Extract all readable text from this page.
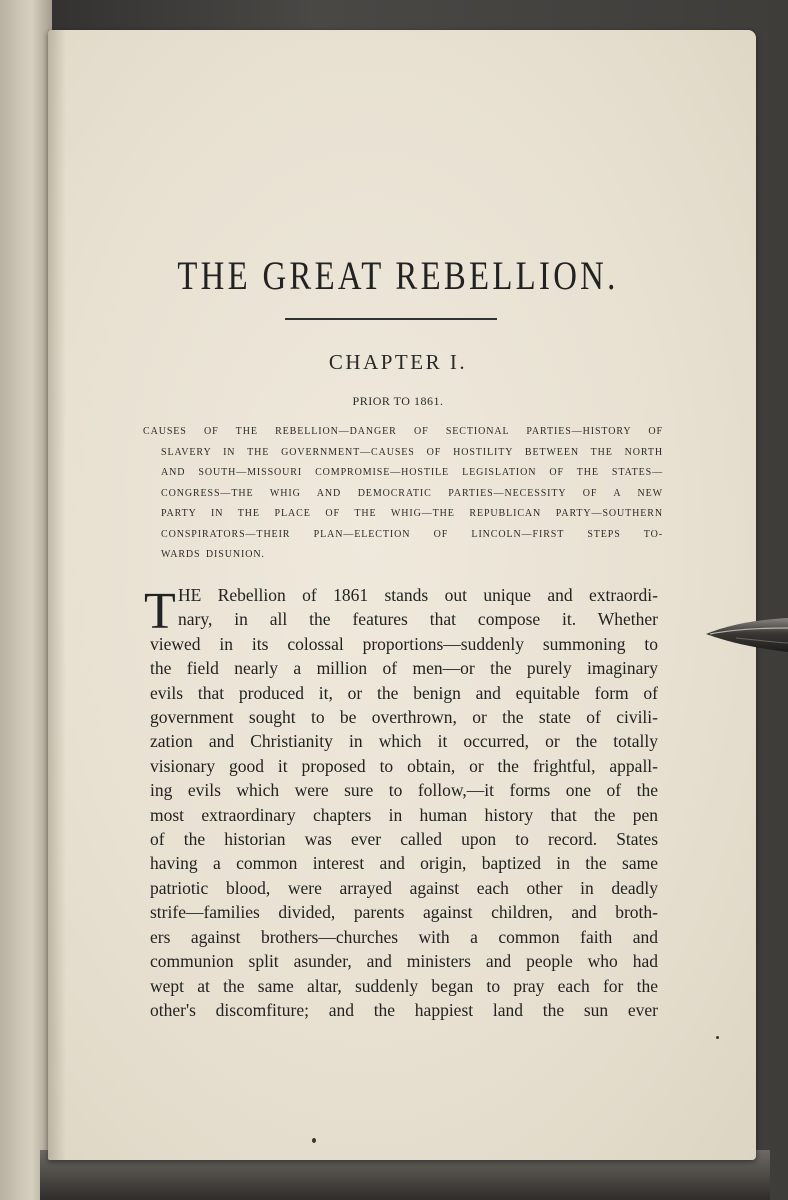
THE GREAT REBELLION.
CHAPTER I.
PRIOR TO 1861.
CAUSES OF THE REBELLION—DANGER OF SECTIONAL PARTIES—HISTORY OF
SLAVERY IN THE GOVERNMENT—CAUSES OF HOSTILITY BETWEEN THE NORTH
AND SOUTH—MISSOURI COMPROMISE—HOSTILE LEGISLATION OF THE STATES—
CONGRESS—THE WHIG AND DEMOCRATIC PARTIES—NECESSITY OF A NEW
PARTY IN THE PLACE OF THE WHIG—THE REPUBLICAN PARTY—SOUTHERN
CONSPIRATORS—THEIR PLAN—ELECTION OF LINCOLN—FIRST STEPS TO-
WARDS DISUNION.
T HE Rebellion of 1861 stands out unique and extraordi-
nary, in all the features that compose it. Whether
viewed in its colossal proportions—suddenly summoning to
the field nearly a million of men—or the purely imaginary
evils that produced it, or the benign and equitable form of
government sought to be overthrown, or the state of civili-
zation and Christianity in which it occurred, or the totally
visionary good it proposed to obtain, or the frightful, appall-
ing evils which were sure to follow,—it forms one of the
most extraordinary chapters in human history that the pen
of the historian was ever called upon to record. States
having a common interest and origin, baptized in the same
patriotic blood, were arrayed against each other in deadly
strife—families divided, parents against children, and broth-
ers against brothers—churches with a common faith and
communion split asunder, and ministers and people who had
wept at the same altar, suddenly began to pray each for the
other's discomfiture; and the happiest land the sun ever
